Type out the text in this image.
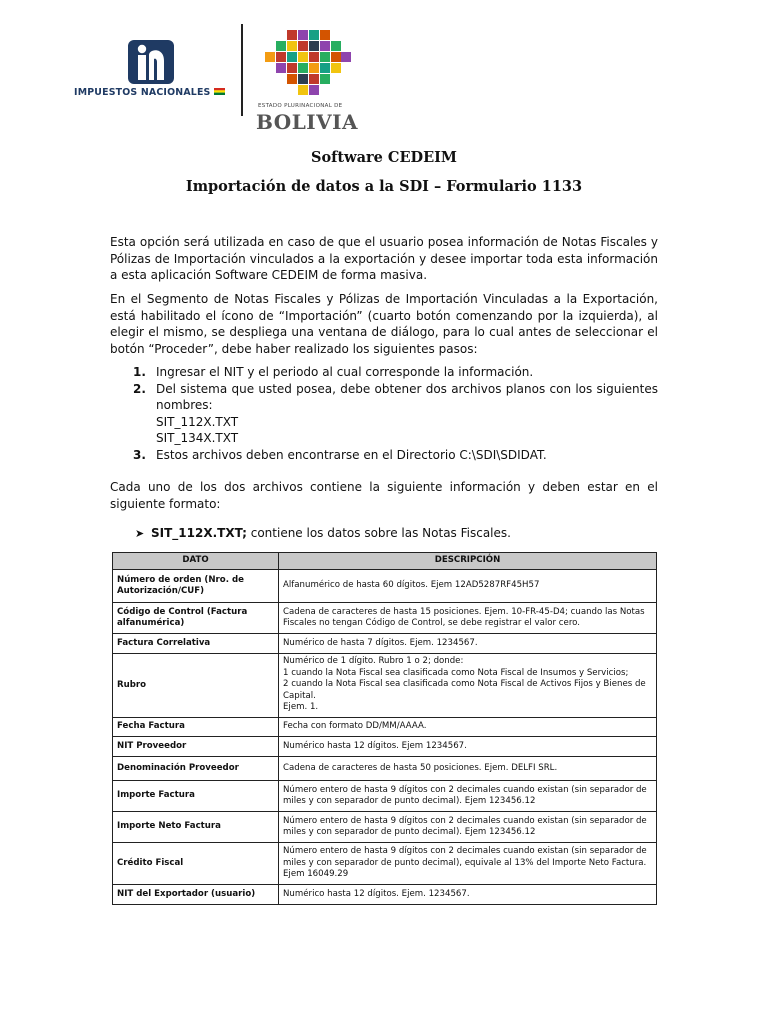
IMPUESTOS NACIONALES
ESTADO PLURINACIONAL DE
BOLIVIA
Software CEDEIM
Importación de datos a la SDI – Formulario 1133
Esta opción será utilizada en caso de que el usuario posea información de Notas Fiscales y Pólizas de Importación vinculados a la exportación y desee importar toda esta información a esta aplicación Software CEDEIM de forma masiva.
En el Segmento de Notas Fiscales y Pólizas de Importación Vinculadas a la Exportación, está habilitado el ícono de “Importación” (cuarto botón comenzando por la izquierda), al elegir el mismo, se despliega una ventana de diálogo, para lo cual antes de seleccionar el botón “Proceder”, debe haber realizado los siguientes pasos:
1. Ingresar el NIT y el periodo al cual corresponde la información.
2. Del sistema que usted posea, debe obtener dos archivos planos con los siguientes nombres:
SIT_112X.TXT
SIT_134X.TXT
3. Estos archivos deben encontrarse en el Directorio C:\SDI\SDIDAT.
Cada uno de los dos archivos contiene la siguiente información y deben estar en el siguiente formato:
➤ SIT_112X.TXT; contiene los datos sobre las Notas Fiscales.
DATO	DESCRIPCIÓN
Número de orden (Nro. de Autorización/CUF)	Alfanumérico de hasta 60 dígitos. Ejem 12AD5287RF45H57
Código de Control (Factura alfanumérica)	Cadena de caracteres de hasta 15 posiciones. Ejem. 10-FR-45-D4; cuando las Notas Fiscales no tengan Código de Control, se debe registrar el valor cero.
Factura Correlativa	Numérico de hasta 7 dígitos. Ejem. 1234567.
Rubro	Numérico de 1 dígito. Rubro 1 o 2; donde:
1 cuando la Nota Fiscal sea clasificada como Nota Fiscal de Insumos y Servicios;
2 cuando la Nota Fiscal sea clasificada como Nota Fiscal de Activos Fijos y Bienes de Capital.
Ejem. 1.
Fecha Factura	Fecha con formato DD/MM/AAAA.
NIT Proveedor	Numérico hasta 12 dígitos. Ejem 1234567.
Denominación Proveedor	Cadena de caracteres de hasta 50 posiciones. Ejem. DELFI SRL.
Importe Factura	Número entero de hasta 9 dígitos con 2 decimales cuando existan (sin separador de miles y con separador de punto decimal). Ejem 123456.12
Importe Neto Factura	Número entero de hasta 9 dígitos con 2 decimales cuando existan (sin separador de miles y con separador de punto decimal). Ejem 123456.12
Crédito Fiscal	Número entero de hasta 9 dígitos con 2 decimales cuando existan (sin separador de miles y con separador de punto decimal), equivale al 13% del Importe Neto Factura. Ejem 16049.29
NIT del Exportador (usuario)	Numérico hasta 12 dígitos. Ejem. 1234567.
